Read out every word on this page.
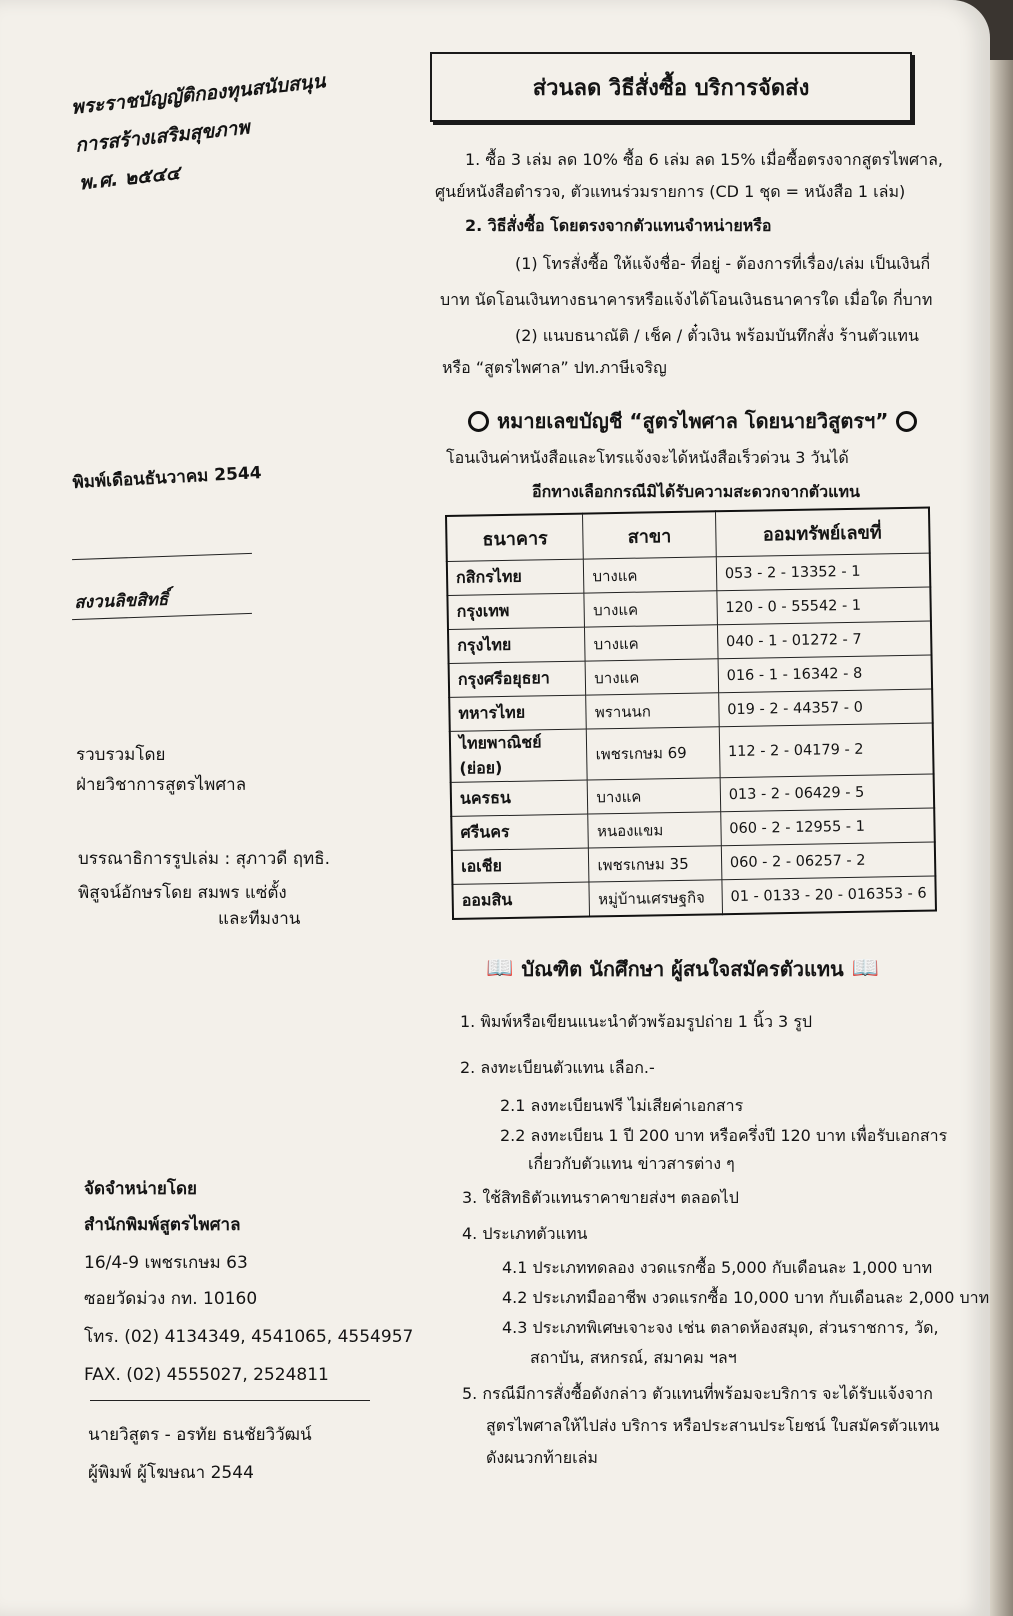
พระราชบัญญัติกองทุนสนับสนุน
การสร้างเสริมสุขภาพ
พ.ศ. ๒๕๔๔
พิมพ์เดือนธันวาคม 2544
สงวนลิขสิทธิ์
รวบรวมโดย
ฝ่ายวิชาการสูตรไพศาล
บรรณาธิการรูปเล่ม : สุภาวดี ฤทธิ.
พิสูจน์อักษรโดย สมพร แซ่ตั้ง
และทีมงาน
จัดจำหน่ายโดย
สำนักพิมพ์สูตรไพศาล
16/4-9 เพชรเกษม 63
ซอยวัดม่วง กท. 10160
โทร. (02) 4134349, 4541065, 4554957
FAX. (02) 4555027, 2524811
นายวิสูตร - อรทัย ธนชัยวิวัฒน์
ผู้พิมพ์ ผู้โฆษณา 2544
ส่วนลด วิธีสั่งซื้อ บริการจัดส่ง
1. ซื้อ 3 เล่ม ลด 10% ซื้อ 6 เล่ม ลด 15% เมื่อซื้อตรงจากสูตรไพศาล,
ศูนย์หนังสือตำรวจ, ตัวแทนร่วมรายการ (CD 1 ชุด = หนังสือ 1 เล่ม)
2. วิธีสั่งซื้อ โดยตรงจากตัวแทนจำหน่ายหรือ
(1) โทรสั่งซื้อ ให้แจ้งชื่อ- ที่อยู่ - ต้องการที่เรื่อง/เล่ม เป็นเงินกี่
บาท นัดโอนเงินทางธนาคารหรือแจ้งได้โอนเงินธนาคารใด เมื่อใด กี่บาท
(2) แนบธนาณัติ / เช็ค / ตั๋วเงิน พร้อมบันทึกสั่ง ร้านตัวแทน
หรือ “สูตรไพศาล” ปท.ภาษีเจริญ
หมายเลขบัญชี “สูตรไพศาล โดยนายวิสูตรฯ”
โอนเงินค่าหนังสือและโทรแจ้งจะได้หนังสือเร็วด่วน 3 วันได้
อีกทางเลือกกรณีมิได้รับความสะดวกจากตัวแทน
ธนาคาร	สาขา	ออมทรัพย์เลขที่
กสิกรไทย	บางแค	053 - 2 - 13352 - 1
กรุงเทพ	บางแค	120 - 0 - 55542 - 1
กรุงไทย	บางแค	040 - 1 - 01272 - 7
กรุงศรีอยุธยา	บางแค	016 - 1 - 16342 - 8
ทหารไทย	พรานนก	019 - 2 - 44357 - 0
ไทยพาณิชย์ (ย่อย)	เพชรเกษม 69	112 - 2 - 04179 - 2
นครธน	บางแค	013 - 2 - 06429 - 5
ศรีนคร	หนองแขม	060 - 2 - 12955 - 1
เอเชีย	เพชรเกษม 35	060 - 2 - 06257 - 2
ออมสิน	หมู่บ้านเศรษฐกิจ	01 - 0133 - 20 - 016353 - 6
📖 บัณฑิต นักศึกษา ผู้สนใจสมัครตัวแทน 📖
1. พิมพ์หรือเขียนแนะนำตัวพร้อมรูปถ่าย 1 นิ้ว 3 รูป
2. ลงทะเบียนตัวแทน เลือก.-
2.1 ลงทะเบียนฟรี ไม่เสียค่าเอกสาร
2.2 ลงทะเบียน 1 ปี 200 บาท หรือครึ่งปี 120 บาท เพื่อรับเอกสาร
เกี่ยวกับตัวแทน ข่าวสารต่าง ๆ
3. ใช้สิทธิตัวแทนราคาขายส่งฯ ตลอดไป
4. ประเภทตัวแทน
4.1 ประเภททดลอง งวดแรกซื้อ 5,000 กับเดือนละ 1,000 บาท
4.2 ประเภทมืออาชีพ งวดแรกซื้อ 10,000 บาท กับเดือนละ 2,000 บาท
4.3 ประเภทพิเศษเจาะจง เช่น ตลาดห้องสมุด, ส่วนราชการ, วัด,
สถาบัน, สหกรณ์, สมาคม ฯลฯ
5. กรณีมีการสั่งซื้อดังกล่าว ตัวแทนที่พร้อมจะบริการ จะได้รับแจ้งจาก
สูตรไพศาลให้ไปส่ง บริการ หรือประสานประโยชน์ ใบสมัครตัวแทน
ดังผนวกท้ายเล่ม
